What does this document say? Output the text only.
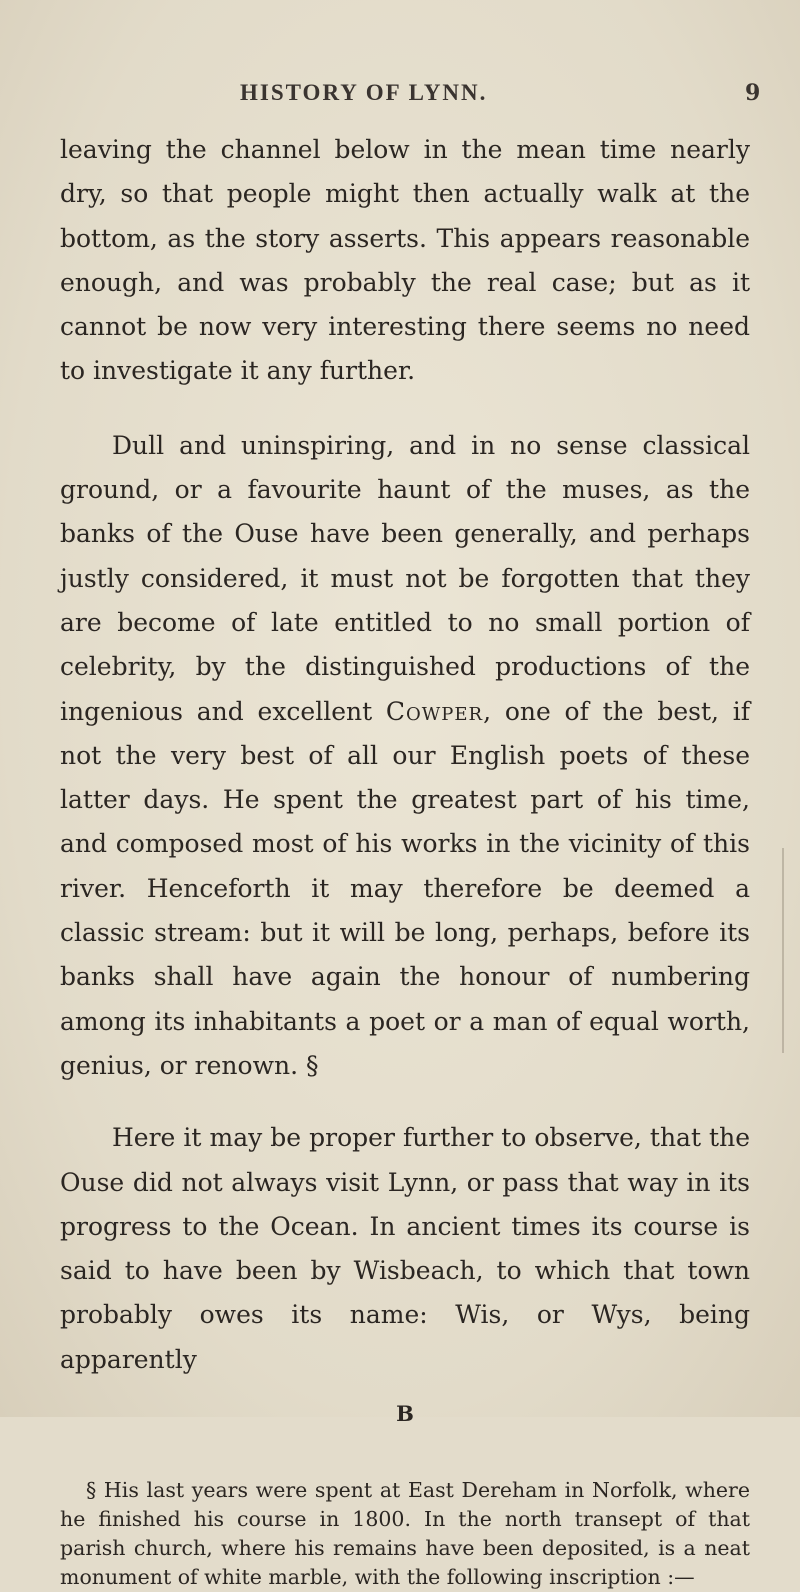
HISTORY OF LYNN.	9

leaving the channel below in the mean time nearly dry, so that people might then actually walk at the bottom, as the story asserts. This appears reasonable enough, and was probably the real case; but as it cannot be now very interesting there seems no need to investigate it any further.

Dull and uninspiring, and in no sense classical ground, or a favourite haunt of the muses, as the banks of the Ouse have been generally, and perhaps justly considered, it must not be forgotten that they are become of late entitled to no small portion of celebrity, by the distinguished productions of the ingenious and excellent Cowper, one of the best, if not the very best of all our English poets of these latter days. He spent the greatest part of his time, and composed most of his works in the vicinity of this river. Henceforth it may therefore be deemed a classic stream: but it will be long, perhaps, before its banks shall have again the honour of numbering among its inhabitants a poet or a man of equal worth, genius, or renown. §
Here it may be proper further to observe, that the Ouse did not always visit Lynn, or pass that way in its progress to the Ocean. In ancient times its course is said to have been by Wisbeach, to which that town probably owes its name: Wis, or Wys, being apparently
B
§ His last years were spent at East Dereham in Norfolk, where he finished his course in 1800. In the north transept of that parish church, where his remains have been deposited, is a neat monument of white marble, with the following inscription :—
